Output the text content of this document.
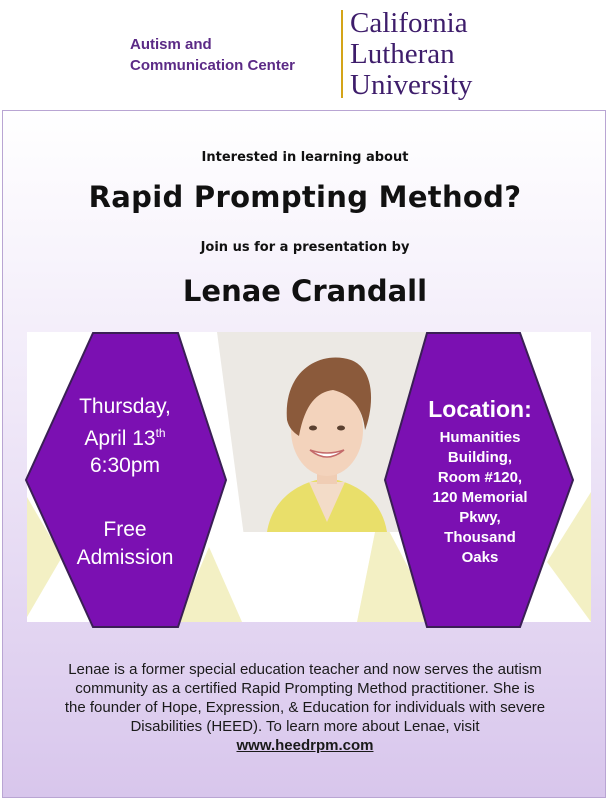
Autism and
Communication Center
California
Lutheran
University
Interested in learning about
Rapid Prompting Method?
Join us for a presentation by
Lenae Crandall
Thursday,
April 13th
6:30pm
Free
Admission
Location:
Humanities
Building,
Room #120,
120 Memorial
Pkwy,
Thousand
Oaks
Lenae is a former special education teacher and now serves the autism
community as a certified Rapid Prompting Method practitioner. She is
the founder of Hope, Expression, & Education for individuals with severe
Disabilities (HEED). To learn more about Lenae, visit
www.heedrpm.com
